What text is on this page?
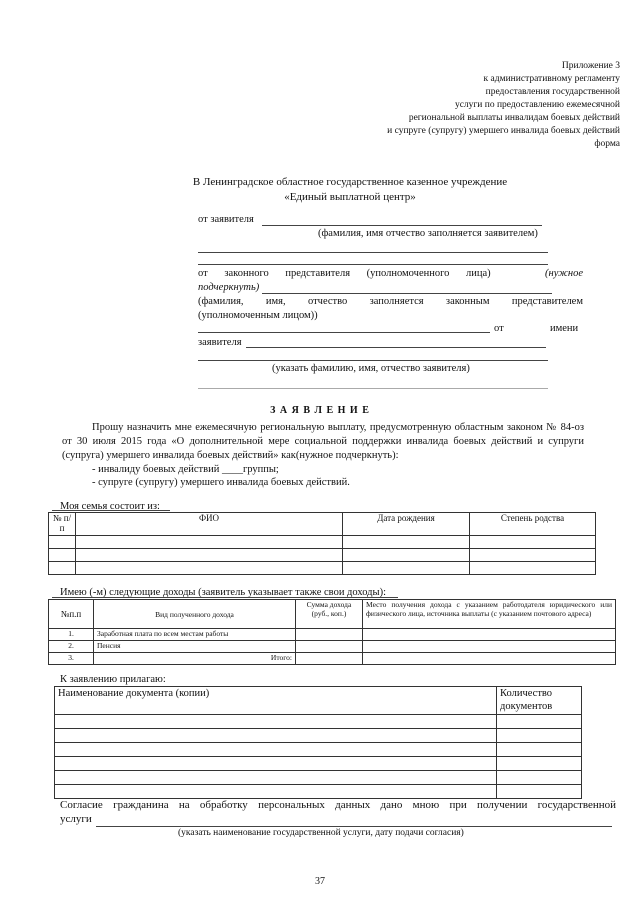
Приложение 3
к административному регламенту
предоставления государственной
услуги по предоставлению ежемесячной
региональной выплаты инвалидам боевых действий
и супруге (супругу) умершего инвалида боевых действий
форма
В Ленинградское областное государственное казенное учреждение
«Единый выплатной центр»
от заявителя
(фамилия, имя отчество заполняется заявителем)
от законного представителя (уполномоченного лица)	(нужное
подчеркнуть)
(фамилия, имя, отчество заполняется законным представителем
(уполномоченным лицом))
от	имени
заявителя
(указать фамилию, имя, отчество заявителя)
З А Я В Л Е Н И Е
Прошу назначить мне ежемесячную региональную выплату, предусмотренную областным законом № 84-оз от 30 июля 2015 года «О дополнительной мере социальной поддержки инвалида боевых действий и супруги (супруга) умершего инвалида боевых действий» как(нужное подчеркнуть):
- инвалиду боевых действий ____группы;
- супруге (супругу) умершего инвалида боевых действий.
Моя семья состоит из:
№ п/п	ФИО	Дата рождения	Степень родства

Имею (-м) следующие доходы (заявитель указывает также свои доходы):
№п.п	Вид полученного дохода	Сумма дохода (руб., коп.)	Место получения дохода с указанием работодателя юридического или физического лица, источника выплаты (с указанием почтового адреса)
1.	Заработная плата по всем местам работы		
2.	Пенсия		
3.	Итого:		
К заявлению прилагаю:
Наименование документа (копии)	Количество
документов

Согласие гражданина на обработку персональных данных дано мною при получении государственной
услуги
(указать наименование государственной услуги, дату подачи согласия)
37
